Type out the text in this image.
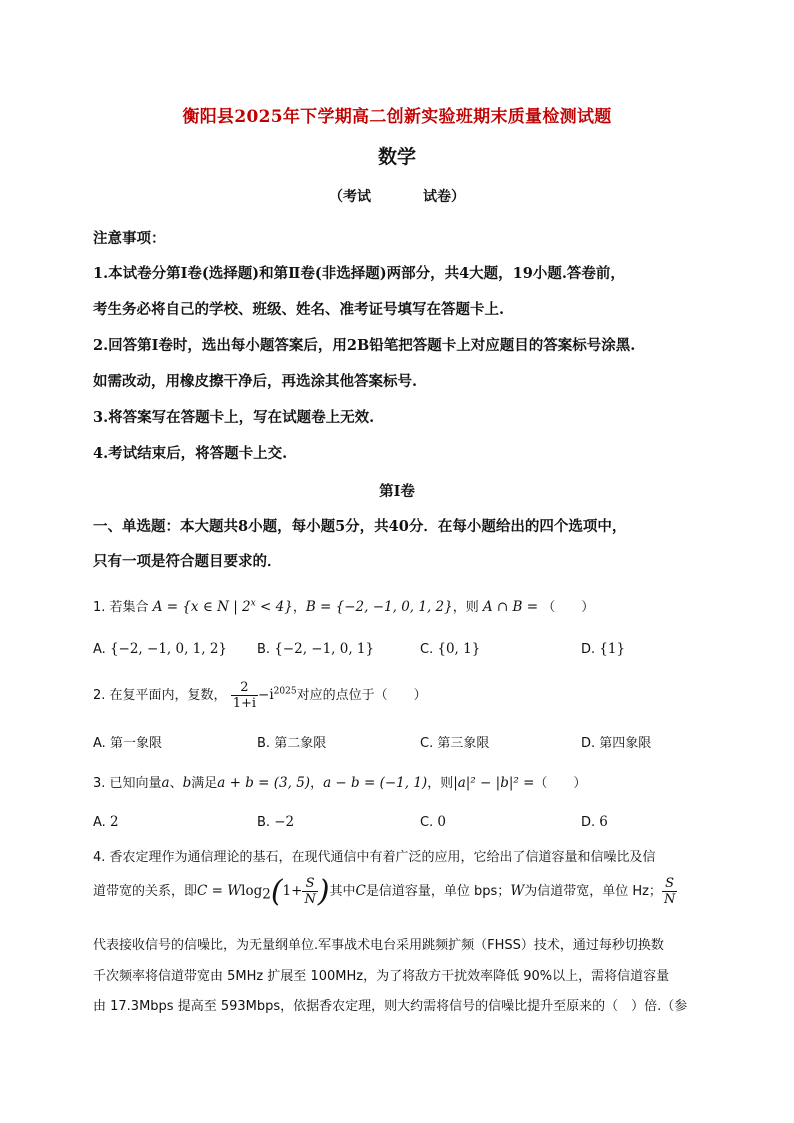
衡阳县2025年下学期高二创新实验班期末质量检测试题
数学
（考试	试卷）
注意事项：
1.本试卷分第Ⅰ卷(选择题)和第Ⅱ卷(非选择题)两部分，共4大题，19小题.答卷前，
考生务必将自己的学校、班级、姓名、准考证号填写在答题卡上.
2.回答第Ⅰ卷时，选出每小题答案后，用2B铅笔把答题卡上对应题目的答案标号涂黑.
如需改动，用橡皮擦干净后，再选涂其他答案标号.
3.将答案写在答题卡上，写在试题卷上无效.
4.考试结束后，将答题卡上交.
第Ⅰ卷
一、单选题：本大题共8小题，每小题5分，共40分．在每小题给出的四个选项中，
只有一项是符合题目要求的．
1. 若集合 A = {x ∈ N | $2^x < 4$}，B = {−2, −1, 0, 1, 2}，则 A ∩ B = （　　）
A. {−2, −1, 0, 1, 2} B. {−2, −1, 0, 1}	C. {0, 1}	D. {1}
2. 在复平面内，复数， $\frac{2}{1+i} -i^{2025}$对应的点位于（　　）
A. 第一象限	B. 第二象限	C. 第三象限	D. 第四象限
3. 已知向量a、b满足a + b = (3, 5)，a − b = (−1, 1)，则|a|² − |b|² =（　　）
A. 2	B. −2	C. 0	D. 6
4. 香农定理作为通信理论的基石，在现代通信中有着广泛的应用，它给出了信道容量和信噪比及信
道带宽的关系，即$C = Wlog_2(1+ \frac{S}{N}$ )其中C是信道容量，单位 bps；W为信道带宽，单位 Hz； $\frac{S}{N}$
代表接收信号的信噪比，为无量纲单位.军事战术电台采用跳频扩频（FHSS）技术，通过每秒切换数
千次频率将信道带宽由 5MHz 扩展至 100MHz，为了将敌方干扰效率降低 90%以上，需将信道容量
由 17.3Mbps 提高至 593Mbps，依据香农定理，则大约需将信号的信噪比提升至原来的（　）倍.（参
